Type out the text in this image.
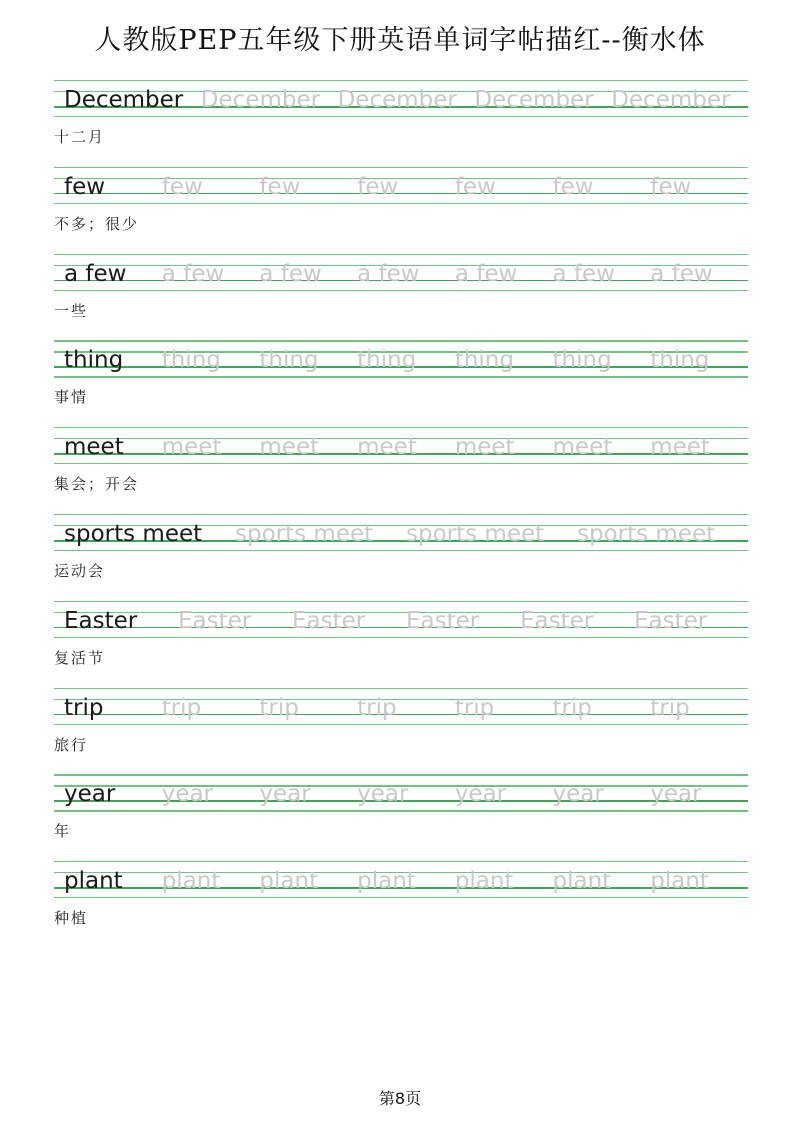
人教版PEP五年级下册英语单词字帖描红--衡水体
December December December December December
十二月
few	few	few	few	few	few	few
不多；很少
a few	a few	a few	a few	a few	a few	a few
一些
thing	thing	thing	thing	thing	thing	thing
事情
meet	meet	meet	meet	meet	meet	meet
集会；开会
sports meet	sports meet	sports meet	sports meet
运动会
Easter	Easter	Easter	Easter	Easter	Easter
复活节
trip	trip	trip	trip	trip	trip	trip
旅行
year	year	year	year	year	year	year
年
plant	plant	plant	plant	plant	plant	plant
种植
第8页
